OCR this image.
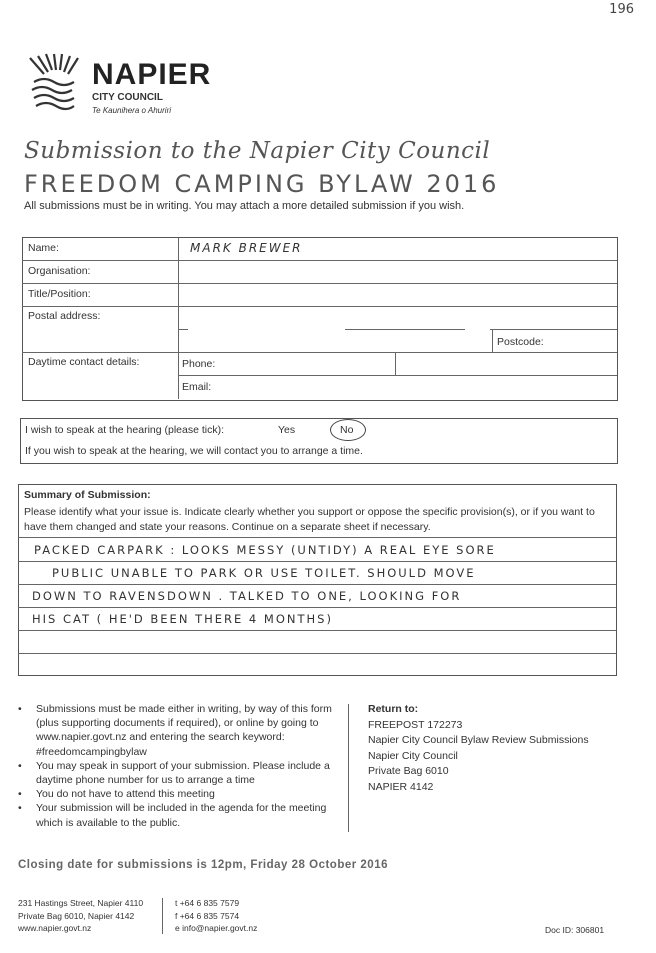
196
NAPIER
CITY COUNCIL
Te Kaunihera o Ahuriri
Submission to the Napier City Council
FREEDOM CAMPING BYLAW 2016
All submissions must be in writing. You may attach a more detailed submission if you wish.
Name:	MARK BREWER
Organisation:
Title/Position:
Postal address:
Postcode:
Daytime contact details:	Phone:
Email:
I wish to speak at the hearing (please tick):	Yes	No
If you wish to speak at the hearing, we will contact you to arrange a time.
Summary of Submission:
Please identify what your issue is. Indicate clearly whether you support or oppose the specific provision(s), or if you want to have them changed and state your reasons. Continue on a separate sheet if necessary.
PACKED CARPARK : LOOKS MESSY (UNTIDY) A REAL EYE SORE
PUBLIC UNABLE TO PARK OR USE TOILET. SHOULD MOVE
DOWN TO RAVENSDOWN . TALKED TO ONE, LOOKING FOR
HIS CAT ( HE'D BEEN THERE 4 MONTHS)
• Submissions must be made either in writing, by way of this form (plus supporting documents if required), or online by going to www.napier.govt.nz and entering the search keyword: #freedomcampingbylaw
• You may speak in support of your submission. Please include a daytime phone number for us to arrange a time
• You do not have to attend this meeting
• Your submission will be included in the agenda for the meeting which is available to the public.
Return to:
FREEPOST 172273
Napier City Council Bylaw Review Submissions
Napier City Council
Private Bag 6010
NAPIER 4142
Closing date for submissions is 12pm, Friday 28 October 2016
231 Hastings Street, Napier 4110
Private Bag 6010, Napier 4142
www.napier.govt.nz
t +64 6 835 7579
f +64 6 835 7574
e info@napier.govt.nz	Doc ID: 306801
